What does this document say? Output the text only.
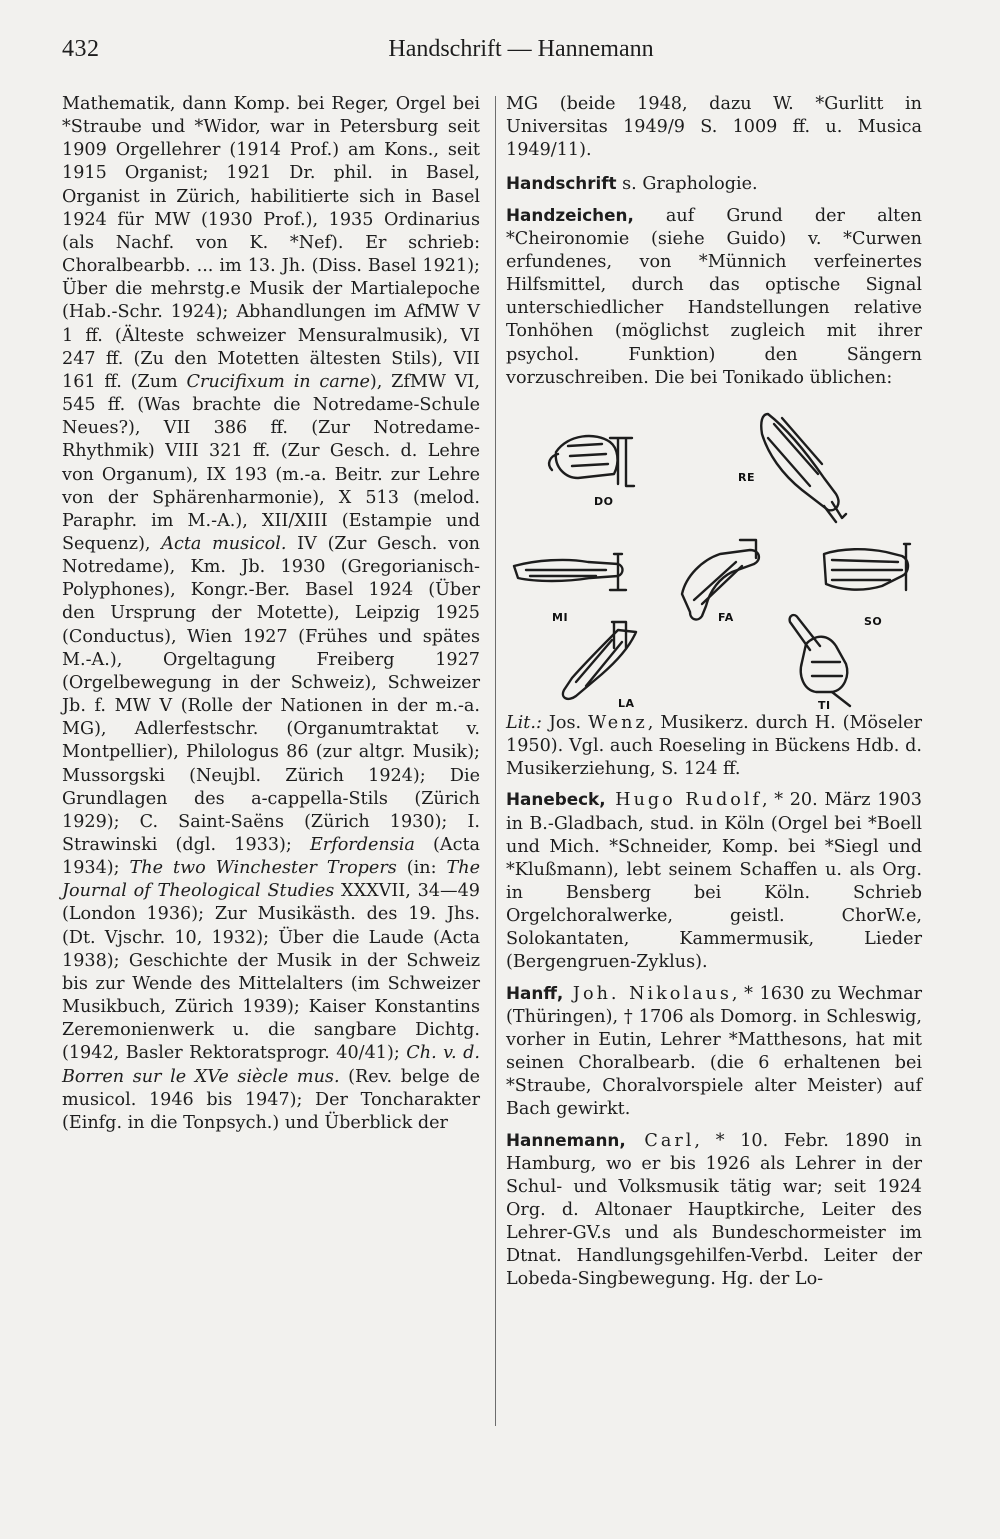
432	Handschrift — Hannemann

Mathematik, dann Komp. bei Reger, Orgel bei *Straube und *Widor, war in Petersburg seit 1909 Orgellehrer (1914 Prof.) am Kons., seit 1915 Organist; 1921 Dr. phil. in Basel, Organist in Zürich, habilitierte sich in Basel 1924 für MW (1930 Prof.), 1935 Ordinarius (als Nachf. von K. *Nef). Er schrieb: Choralbearbb. ... im 13. Jh. (Diss. Basel 1921); Über die mehrstg.e Musik der Martialepoche (Hab.-Schr. 1924); Abhandlungen im AfMW V 1 ff. (Älteste schweizer Mensuralmusik), VI 247 ff. (Zu den Motetten ältesten Stils), VII 161 ff. (Zum Crucifixum in carne), ZfMW VI, 545 ff. (Was brachte die Notredame-Schule Neues?), VII 386 ff. (Zur Notredame-Rhythmik) VIII 321 ff. (Zur Gesch. d. Lehre von Organum), IX 193 (m.-a. Beitr. zur Lehre von der Sphärenharmonie), X 513 (melod. Paraphr. im M.-A.), XII/XIII (Estampie und Sequenz), Acta musicol. IV (Zur Gesch. von Notredame), Km. Jb. 1930 (Gregorianisch-Polyphones), Kongr.-Ber. Basel 1924 (Über den Ursprung der Motette), Leipzig 1925 (Conductus), Wien 1927 (Frühes und spätes M.-A.), Orgeltagung Freiberg 1927 (Orgelbewegung in der Schweiz), Schweizer Jb. f. MW V (Rolle der Nationen in der m.-a. MG), Adlerfestschr. (Organumtraktat v. Montpellier), Philologus 86 (zur altgr. Musik); Mussorgski (Neujbl. Zürich 1924); Die Grundlagen des a-cappella-Stils (Zürich 1929); C. Saint-Saëns (Zürich 1930); I. Strawinski (dgl. 1933); Erfordensia (Acta 1934); The two Winchester Tropers (in: The Journal of Theological Studies XXXVII, 34—49 (London 1936); Zur Musikästh. des 19. Jhs. (Dt. Vjschr. 10, 1932); Über die Laude (Acta 1938); Geschichte der Musik in der Schweiz bis zur Wende des Mittelalters (im Schweizer Musikbuch, Zürich 1939); Kaiser Konstantins Zeremonienwerk u. die sangbare Dichtg. (1942, Basler Rektoratsprogr. 40/41); Ch. v. d. Borren sur le XVe siècle mus. (Rev. belge de musicol. 1946 bis 1947); Der Toncharakter (Einfg. in die Tonpsych.) und Überblick der

MG (beide 1948, dazu W. *Gurlitt in Universitas 1949/9 S. 1009 ff. u. Musica 1949/11).

Handschrift s. Graphologie.

Handzeichen, auf Grund der alten *Cheironomie (siehe Guido) v. *Curwen erfundenes, von *Münnich verfeinertes Hilfsmittel, durch das optische Signal unterschiedlicher Handstellungen relative Tonhöhen (möglichst zugleich mit ihrer psychol. Funktion) den Sängern vorzuschreiben. Die bei Tonikado üblichen:

DO
RE
MI	FA	SO
LA	TI

Lit.: Jos. Wenz, Musikerz. durch H. (Möseler 1950). Vgl. auch Roeseling in Bückens Hdb. d. Musikerziehung, S. 124 ff.

Hanebeck, Hugo Rudolf, * 20. März 1903 in B.-Gladbach, stud. in Köln (Orgel bei *Boell und Mich. *Schneider, Komp. bei *Siegl und *Klußmann), lebt seinem Schaffen u. als Org. in Bensberg bei Köln. Schrieb Orgelchoralwerke, geistl. ChorW.e, Solokantaten, Kammermusik, Lieder (Bergengruen-Zyklus).

Hanff, Joh. Nikolaus, * 1630 zu Wechmar (Thüringen), † 1706 als Domorg. in Schleswig, vorher in Eutin, Lehrer *Matthesons, hat mit seinen Choralbearb. (die 6 erhaltenen bei *Straube, Choralvorspiele alter Meister) auf Bach gewirkt.

Hannemann, Carl, * 10. Febr. 1890 in Hamburg, wo er bis 1926 als Lehrer in der Schul- und Volksmusik tätig war; seit 1924 Org. d. Altonaer Hauptkirche, Leiter des Lehrer-GV.s und als Bundeschormeister im Dtnat. Handlungsgehilfen-Verbd. Leiter der Lobeda-Singbewegung. Hg. der Lo-
